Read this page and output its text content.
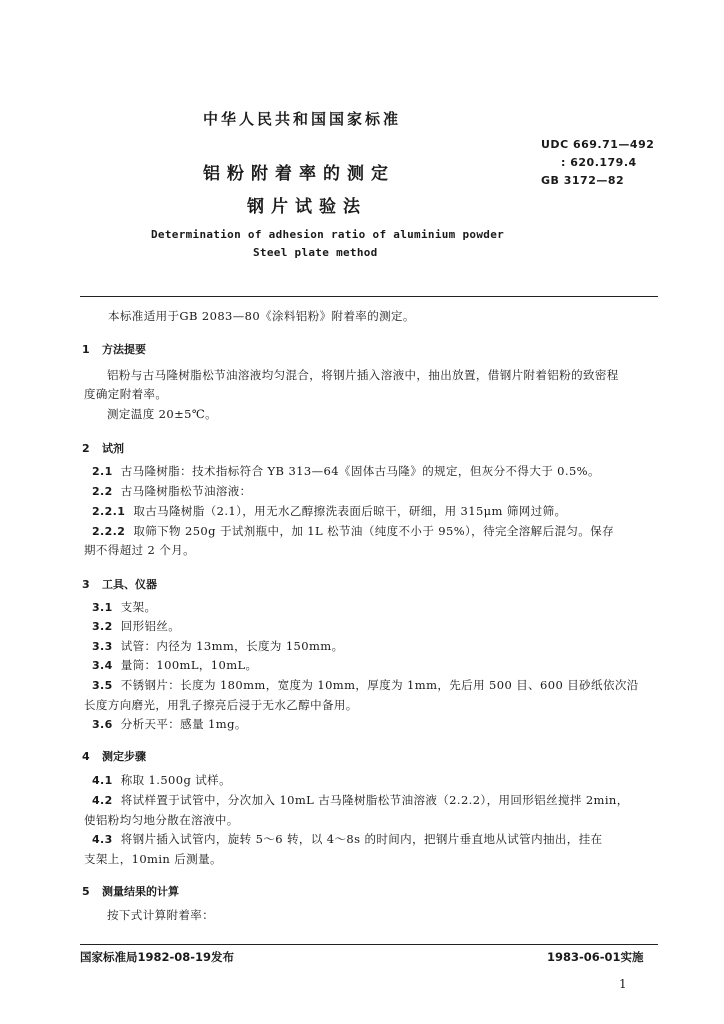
中华人民共和国国家标准
UDC 669.71—492
: 620.179.4
GB 3172—82
铝粉附着率的测定
钢片试验法
Determination of adhesion ratio of aluminium powder
Steel plate method
本标准适用于GB 2083—80《涂料铝粉》附着率的测定。
1 方法提要
铝粉与古马隆树脂松节油溶液均匀混合，将钢片插入溶液中，抽出放置，借钢片附着铝粉的致密程
度确定附着率。
测定温度 20±5℃。
2 试剂
2.1 古马隆树脂：技术指标符合 YB 313—64《固体古马隆》的规定，但灰分不得大于 0.5%。
2.2 古马隆树脂松节油溶液：
2.2.1 取古马隆树脂（2.1），用无水乙醇擦洗表面后晾干，研细，用 315μm 筛网过筛。
2.2.2 取筛下物 250g 于试剂瓶中，加 1L 松节油（纯度不小于 95%），待完全溶解后混匀。保存
期不得超过 2 个月。
3 工具、仪器
3.1 支架。
3.2 回形铝丝。
3.3 试管：内径为 13mm，长度为 150mm。
3.4 量筒：100mL，10mL。
3.5 不锈钢片：长度为 180mm，宽度为 10mm，厚度为 1mm，先后用 500 目、600 目砂纸依次沿
长度方向磨光，用乳子擦亮后浸于无水乙醇中备用。
3.6 分析天平：感量 1mg。
4 测定步骤
4.1 称取 1.500g 试样。
4.2 将试样置于试管中，分次加入 10mL 古马隆树脂松节油溶液（2.2.2），用回形铝丝搅拌 2min，
使铝粉均匀地分散在溶液中。
4.3 将钢片插入试管内，旋转 5～6 转，以 4～8s 的时间内，把钢片垂直地从试管内抽出，挂在
支架上，10min 后测量。
5 测量结果的计算
按下式计算附着率：
国家标准局1982-08-19发布	1983-06-01实施
1
